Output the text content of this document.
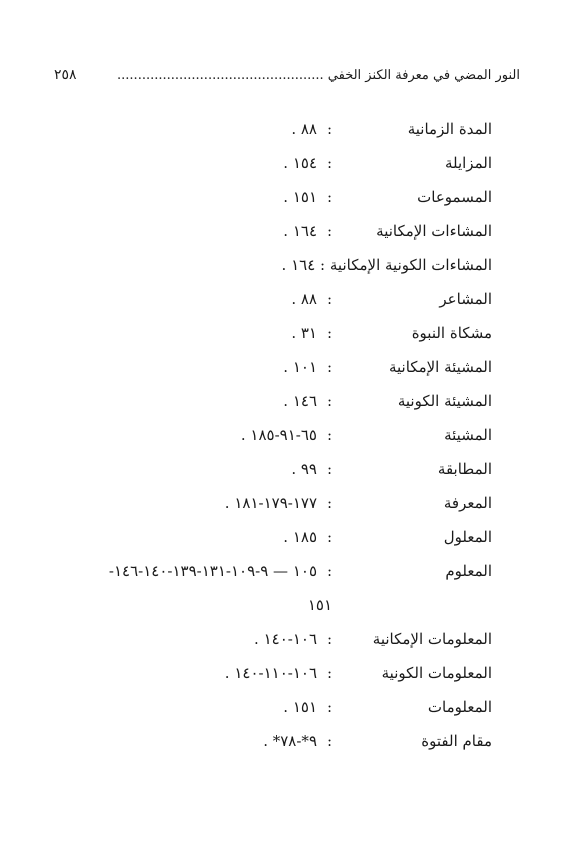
النور المضي في معرفة الكنز الخفي ..................................................
٢٥٨
المدة الزمانية
:
٨٨ .
المزايلة
:
١٥٤ .
المسموعات
:
١٥١ .
المشاءات الإمكانية
:
١٦٤ .
المشاءات الكونية الإمكانية : ١٦٤ .
المشاعر
:
٨٨ .
مشكاة النبوة
:
٣١ .
المشيئة الإمكانية
:
١٠١ .
المشيئة الكونية
:
١٤٦ .
المشيئة
:
٦٥-٩١-١٨٥ .
المطابقة
:
٩٩ .
المعرفة
:
١٧٧-١٧٩-١٨١ .
المعلول
:
١٨٥ .
المعلوم
:
١٠٥ — ٩-١٠٩-١٣١-١٣٩-١٤٠-١٤٦-
١٥١
المعلومات الإمكانية
:
١٠٦-١٤٠ .
المعلومات الكونية
:
١٠٦-١١٠-١٤٠ .
المعلومات
:
١٥١ .
مقام الفتوة
:
٩*-٧٨* .
